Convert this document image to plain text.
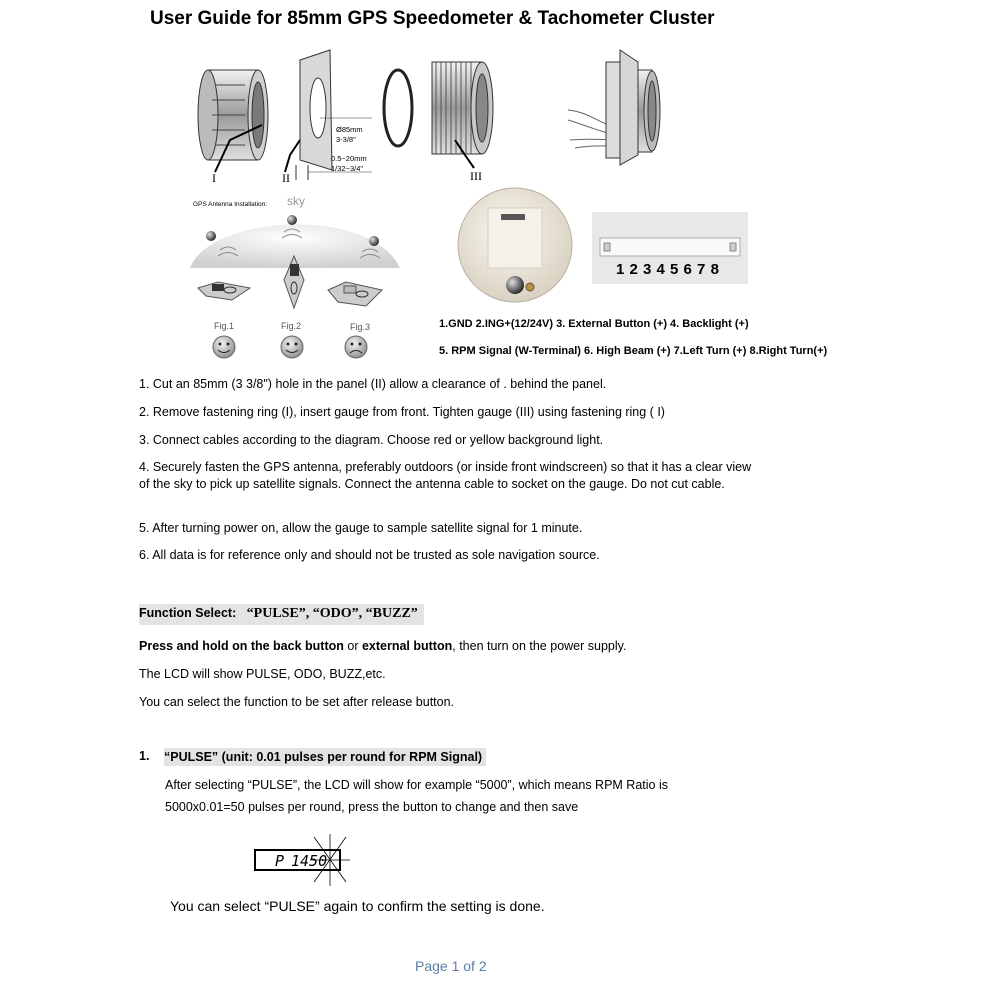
User Guide for 85mm GPS Speedometer & Tachometer Cluster
I	II
Ø85mm
3-3/8"
0.5~20mm
1/32~3/4"
III
GPS Antenna Installation: sky
Fig.1	Fig.2	Fig.3
1 2 3 4 5 6 7 8
1.GND 2.ING+(12/24V) 3. External Button (+) 4. Backlight (+)
5. RPM Signal (W-Terminal) 6. High Beam (+) 7.Left Turn (+) 8.Right Turn(+)
1. Cut an 85mm (3 3/8") hole in the panel (II) allow a clearance of . behind the panel.
2. Remove fastening ring (I), insert gauge from front. Tighten gauge (III) using fastening ring ( I)
3. Connect cables according to the diagram. Choose red or yellow background light.
4. Securely fasten the GPS antenna, preferably outdoors (or inside front windscreen) so that it has a clear view of the sky to pick up satellite signals. Connect the antenna cable to socket on the gauge. Do not cut cable.
5. After turning power on, allow the gauge to sample satellite signal for 1 minute.
6. All data is for reference only and should not be trusted as sole navigation source.
Function Select: “PULSE”, “ODO”, “BUZZ”
Press and hold on the back button or external button, then turn on the power supply.
The LCD will show PULSE, ODO, BUZZ,etc.
You can select the function to be set after release button.
1. “PULSE” (unit: 0.01 pulses per round for RPM Signal)
After selecting “PULSE”, the LCD will show for example “5000”, which means RPM Ratio is
5000x0.01=50 pulses per round, press the button to change and then save
P 1450
You can select “PULSE” again to confirm the setting is done.
Page 1 of 2
